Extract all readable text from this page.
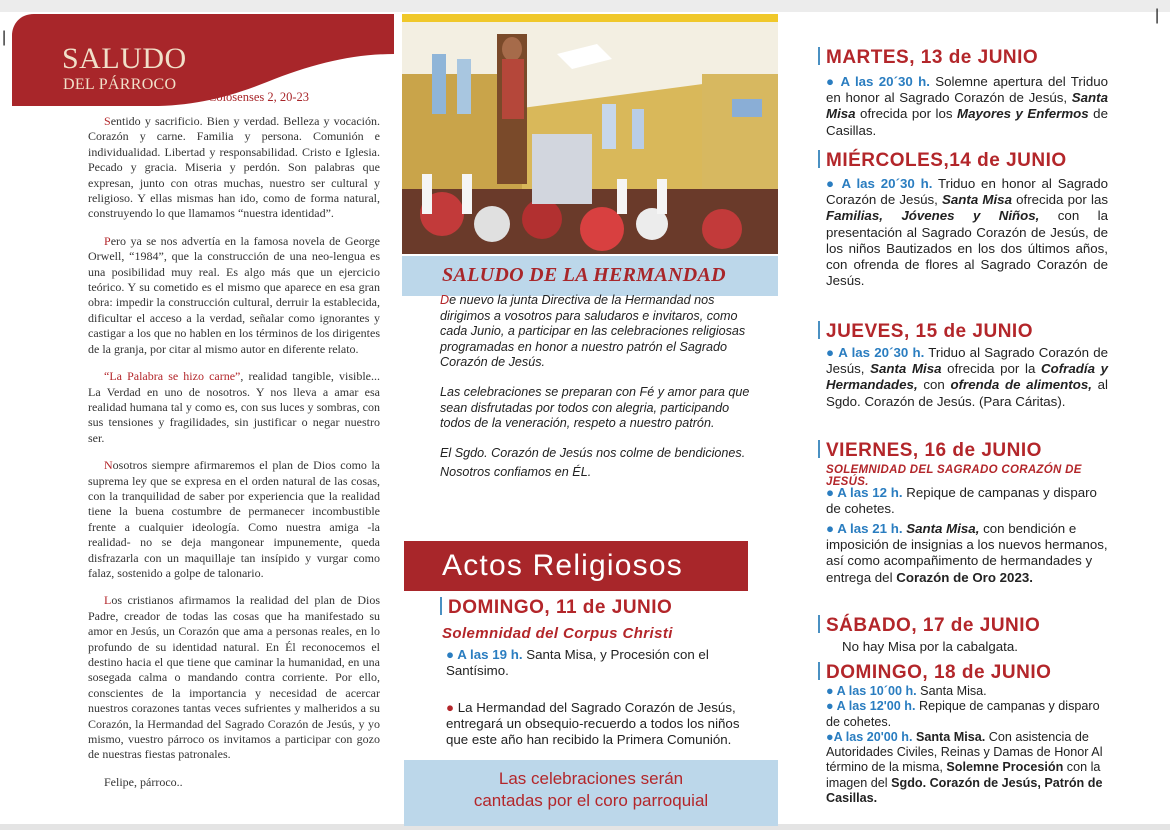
|
|
SALUDO
DEL PÁRROCO
Colosenses 2, 20-23

Sentido y sacrificio. Bien y verdad. Belleza y vocación. Corazón y carne. Familia y persona. Comunión e individualidad. Libertad y responsabilidad. Cristo e Iglesia. Pecado y gracia. Miseria y perdón. Son palabras que expresan, junto con otras muchas, nuestro ser cultural y religioso. Y ellas mismas han ido, como de forma natural, construyendo lo que llamamos “nuestra identidad”.

Pero ya se nos advertía en la famosa novela de George Orwell, “1984”, que la construcción de una neo-lengua es una posibilidad muy real. Es algo más que un ejercicio teórico. Y su cometido es el mismo que aparece en esa gran obra: impedir la construcción cultural, derruir la establecida, dificultar el acceso a la verdad, señalar como ignorantes y castigar a los que no hablen en los términos de los dirigentes de la granja, por citar al mismo autor en diferente relato.

“La Palabra se hizo carne”, realidad tangible, visible... La Verdad en uno de nosotros. Y nos lleva a amar esa realidad humana tal y como es, con sus luces y sombras, con sus tensiones y fragilidades, sin justificar o negar nuestro ser.

Nosotros siempre afirmaremos el plan de Dios como la suprema ley que se expresa en el orden natural de las cosas, con la tranquilidad de saber por experiencia que la realidad tiene la buena costumbre de permanecer incombustible frente a cualquier ideología. Como nuestra amiga -la realidad- no se deja mangonear impunemente, queda disfrazarla con un maquillaje tan insípido y vurgar como falaz, sostenido a golpe de talonario.

Los cristianos afirmamos la realidad del plan de Dios Padre, creador de todas las cosas que ha manifestado su amor en Jesús, un Corazón que ama a personas reales, en lo profundo de su identidad natural. En Él reconocemos el destino hacia el que tiene que caminar la humanidad, en una sosegada calma o mandando contra corriente. Por ello, conscientes de la importancia y necesidad de acercar nuestros corazones tantas veces sufrientes y malheridos a su Corazón, la Hermandad del Sagrado Corazón de Jesús, y yo mismo, vuestro párroco os invitamos a participar con gozo de nuestras fiestas patronales.

Felipe, párroco..

SALUDO DE LA HERMANDAD

De nuevo la junta Directiva de la Hermandad nos dirigimos a vosotros para saludaros e invitaros, como cada Junio, a participar en las celebraciones religiosas programadas en honor a nuestro patrón el Sagrado Corazón de Jesús.

Las celebraciones se preparan con Fé y amor para que sean disfrutadas por todos con alegria, participando todos de la veneración, respeto a nuestro patrón.

El Sgdo. Corazón de Jesús nos colme de bendiciones.

Nosotros confiamos en ÉL.

Actos Religiosos
DOMINGO, 11 de JUNIO
Solemnidad del Corpus Christi
● A las 19 h. Santa Misa, y Procesión con el Santísimo.
● La Hermandad del Sagrado Corazón de Jesús, entregará un obsequio-recuerdo a todos los niños que este año han recibido la Primera Comunión.
Las celebraciones serán
cantadas por el coro parroquial
MARTES, 13 de JUNIO
● A las 20´30 h. Solemne apertura del Triduo en honor al Sagrado Corazón de Jesús, Santa Misa ofrecida por los Mayores y Enfermos de Casillas.
MIÉRCOLES,14 de JUNIO
● A las 20´30 h. Triduo en honor al Sagrado Corazón de Jesús, Santa Misa ofrecida por las Familias, Jóvenes y Niños, con la presentación al Sagrado Corazón de Jesús, de los niños Bautizados en los dos últimos años, con ofrenda de flores al Sagrado Corazón de Jesús.
JUEVES, 15 de JUNIO
● A las 20´30 h. Triduo al Sagrado Corazón de Jesús, Santa Misa ofrecida por la Cofradía y Hermandades, con ofrenda de alimentos, al Sgdo. Corazón de Jesús. (Para Cáritas).
VIERNES, 16 de JUNIO
SOLEMNIDAD DEL SAGRADO CORAZÓN DE JESÚS.
● A las 12 h. Repique de campanas y disparo de cohetes.
● A las 21 h. Santa Misa, con bendición e imposición de insignias a los nuevos hermanos, así como acompañimento de hermandades y entrega del Corazón de Oro 2023.
SÁBADO, 17 de JUNIO
No hay Misa por la cabalgata.
DOMINGO, 18 de JUNIO
● A las 10´00 h. Santa Misa.
● A las 12'00 h. Repique de campanas y disparo de cohetes.
●A las 20'00 h. Santa Misa. Con asistencia de Autoridades Civiles, Reinas y Damas de Honor Al término de la misma, Solemne Procesión con la imagen del Sgdo. Corazón de Jesús, Patrón de Casillas.
